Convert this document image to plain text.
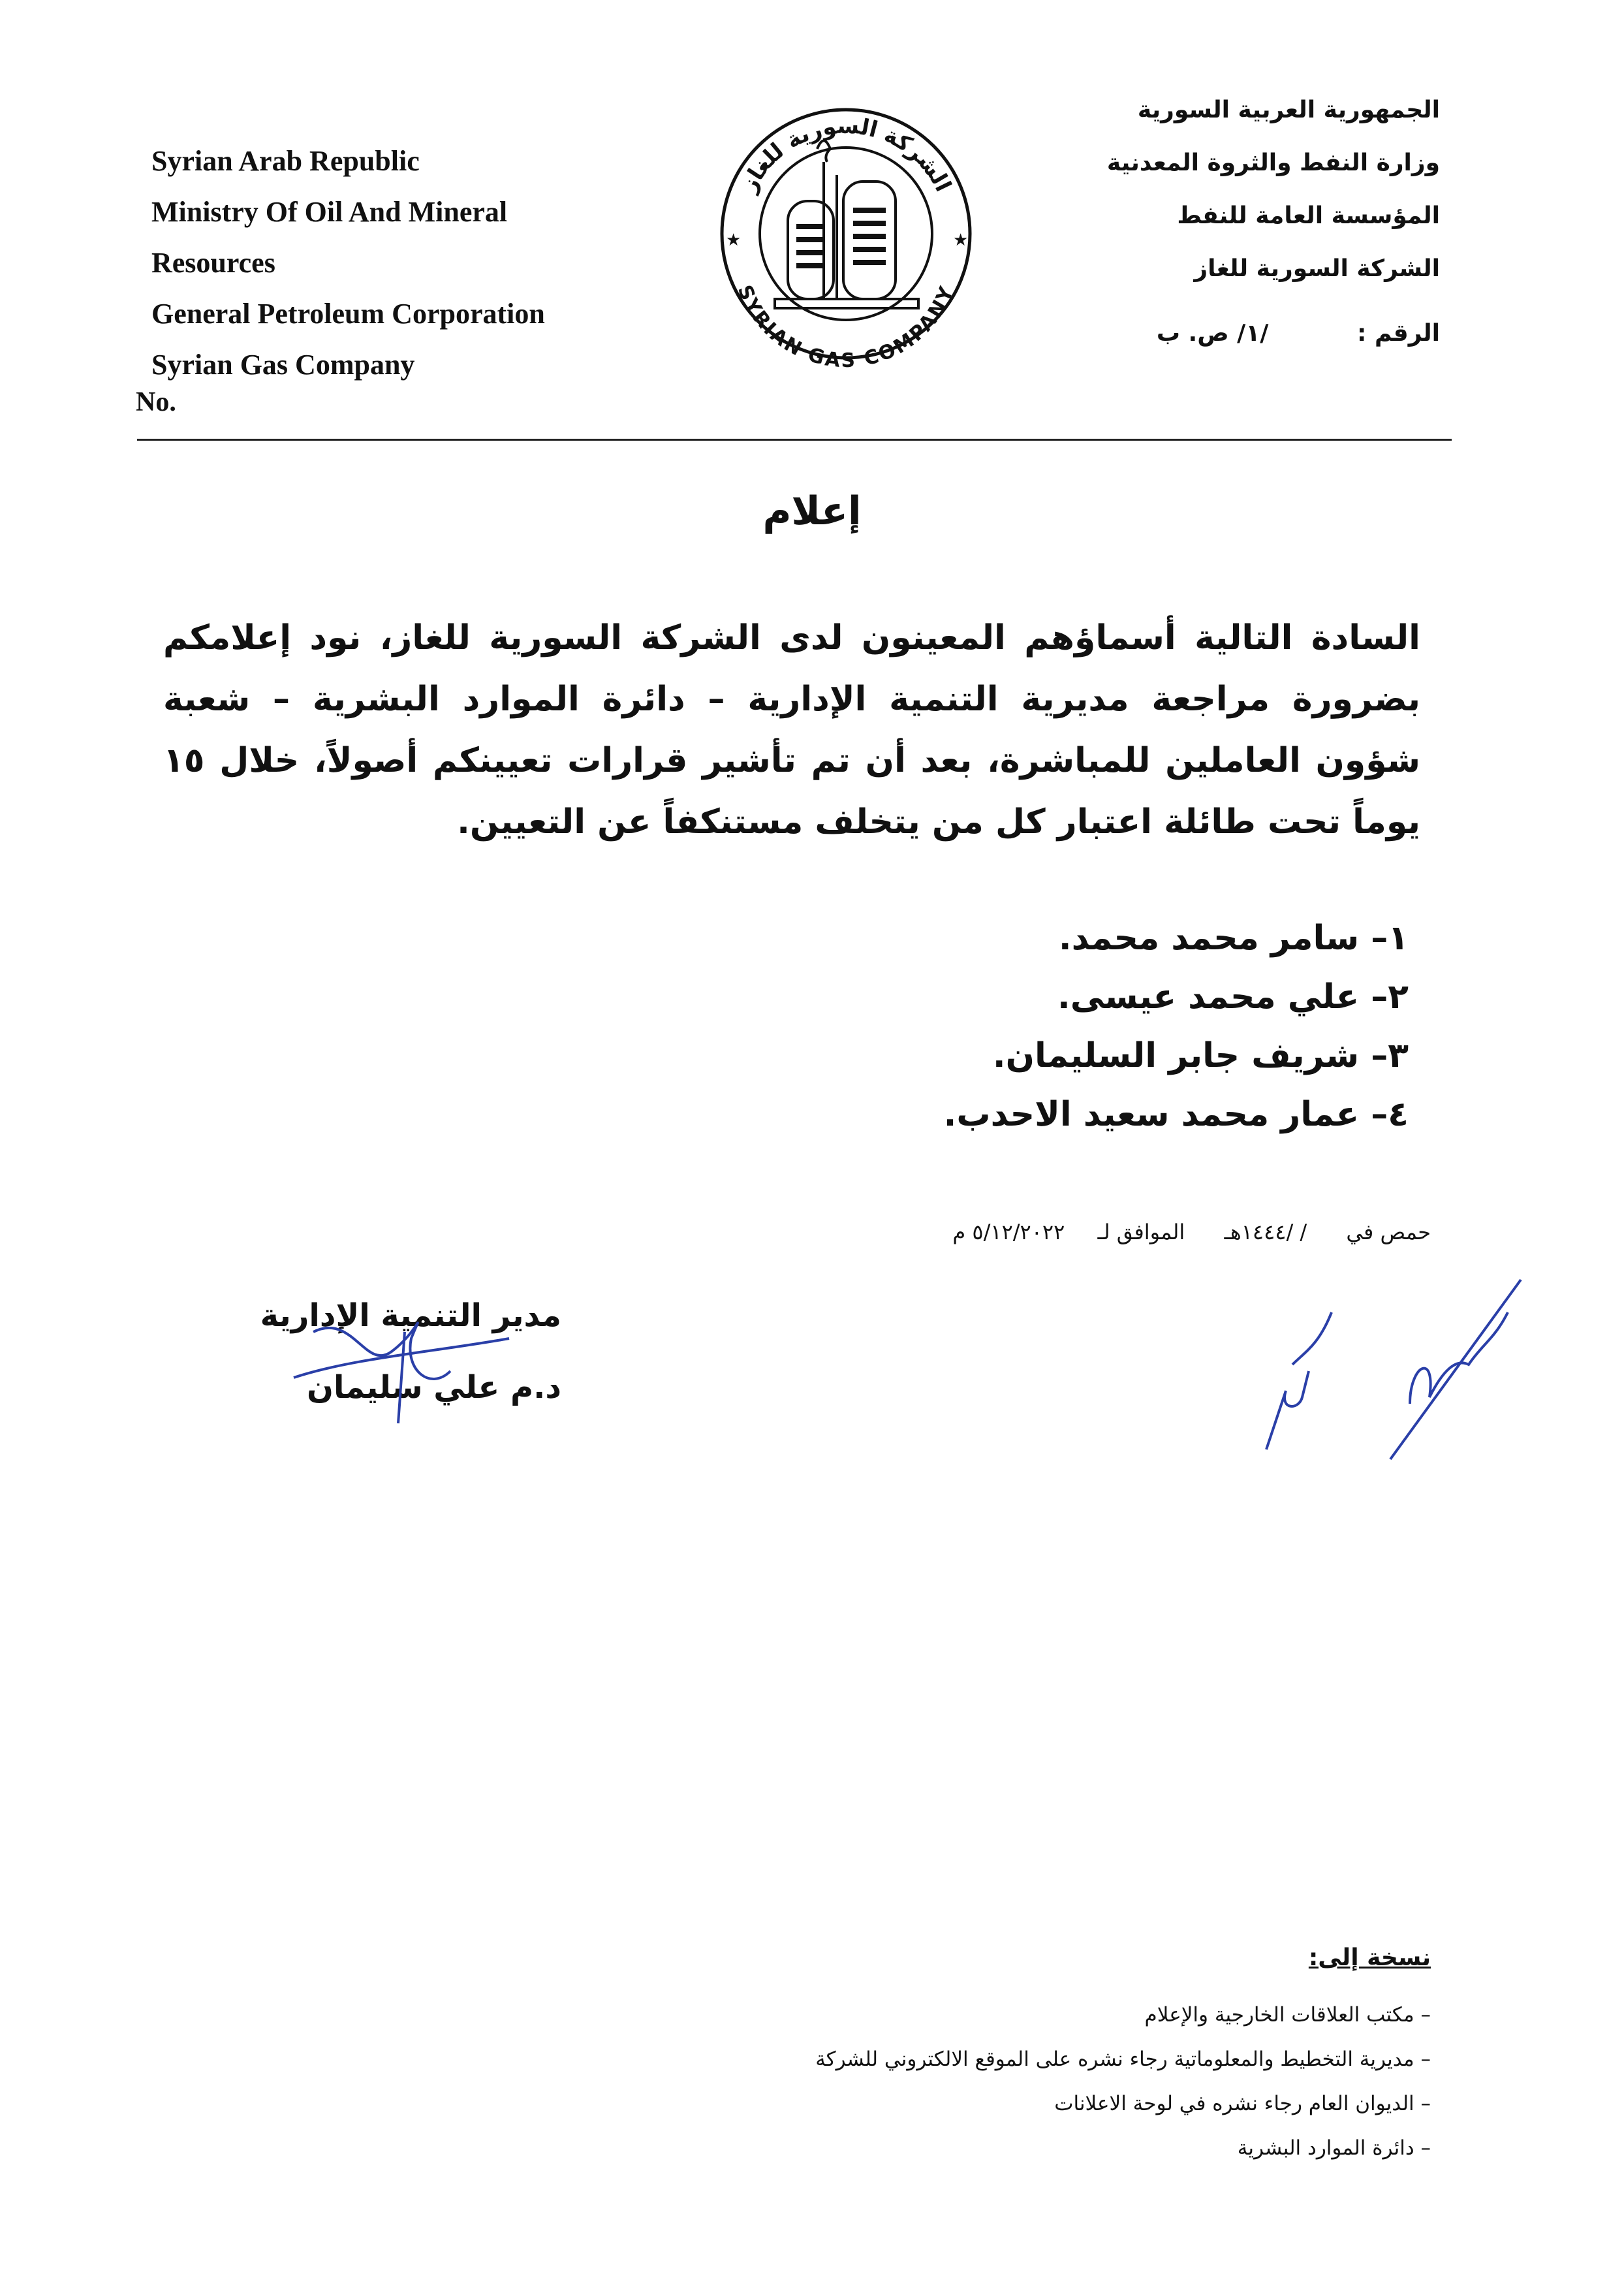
Syrian Arab Republic
Ministry Of Oil And Mineral
Resources
General Petroleum Corporation
Syrian Gas Company
No.
الجمهورية العربية السورية
وزارة النفط والثروة المعدنية
المؤسسة العامة للنفط
الشركة السورية للغاز
الرقم : /١/ ص. ب
الشركة السورية للغاز
SYRIAN GAS COMPANY
★	★
إعلام
السادة التالية أسماؤهم المعينون لدى الشركة السورية للغاز، نود إعلامكم بضرورة مراجعة مديرية التنمية الإدارية – دائرة الموارد البشرية – شعبة شؤون العاملين للمباشرة، بعد أن تم تأشير قرارات تعيينكم أصولاً، خلال ١٥ يوماً تحت طائلة اعتبار كل من يتخلف مستنكفاً عن التعيين.
١– سامر محمد محمد.
٢– علي محمد عيسى.
٣– شريف جابر السليمان.
٤– عمار محمد سعيد الاحدب.
حمص في / /١٤٤٤هـ الموافق لـ ٥/١٢/٢٠٢٢ م
مدير التنمية الإدارية
د.م علي سليمان
نسخة إلى:
– مكتب العلاقات الخارجية والإعلام
– مديرية التخطيط والمعلوماتية رجاء نشره على الموقع الالكتروني للشركة
– الديوان العام رجاء نشره في لوحة الاعلانات
– دائرة الموارد البشرية
